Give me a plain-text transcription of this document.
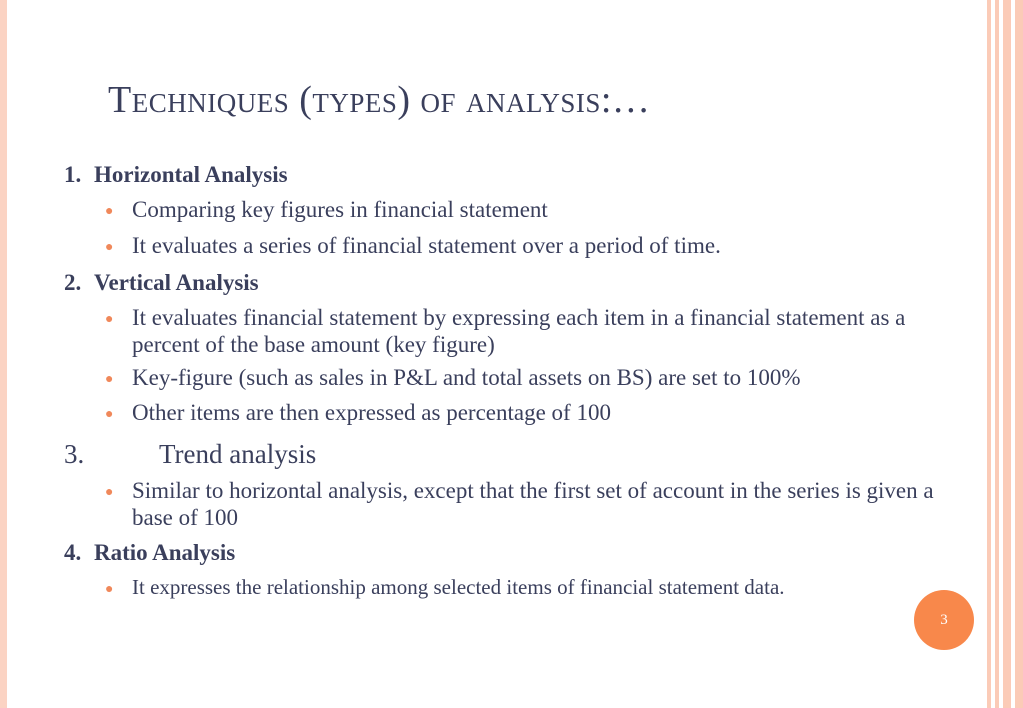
Techniques (types) of analysis:…
1. Horizontal Analysis
● Comparing key figures in financial statement
● It evaluates a series of financial statement over a period of time.
2. Vertical Analysis
● It evaluates financial statement by expressing each item in a financial statement as a percent of the base amount (key figure)
● Key-figure (such as sales in P&L and total assets on BS) are set to 100%
● Other items are then expressed as percentage of 100
3.	Trend analysis
● Similar to horizontal analysis, except that the first set of account in the series is given a base of 100
4. Ratio Analysis
● It expresses the relationship among selected items of financial statement data.
3
